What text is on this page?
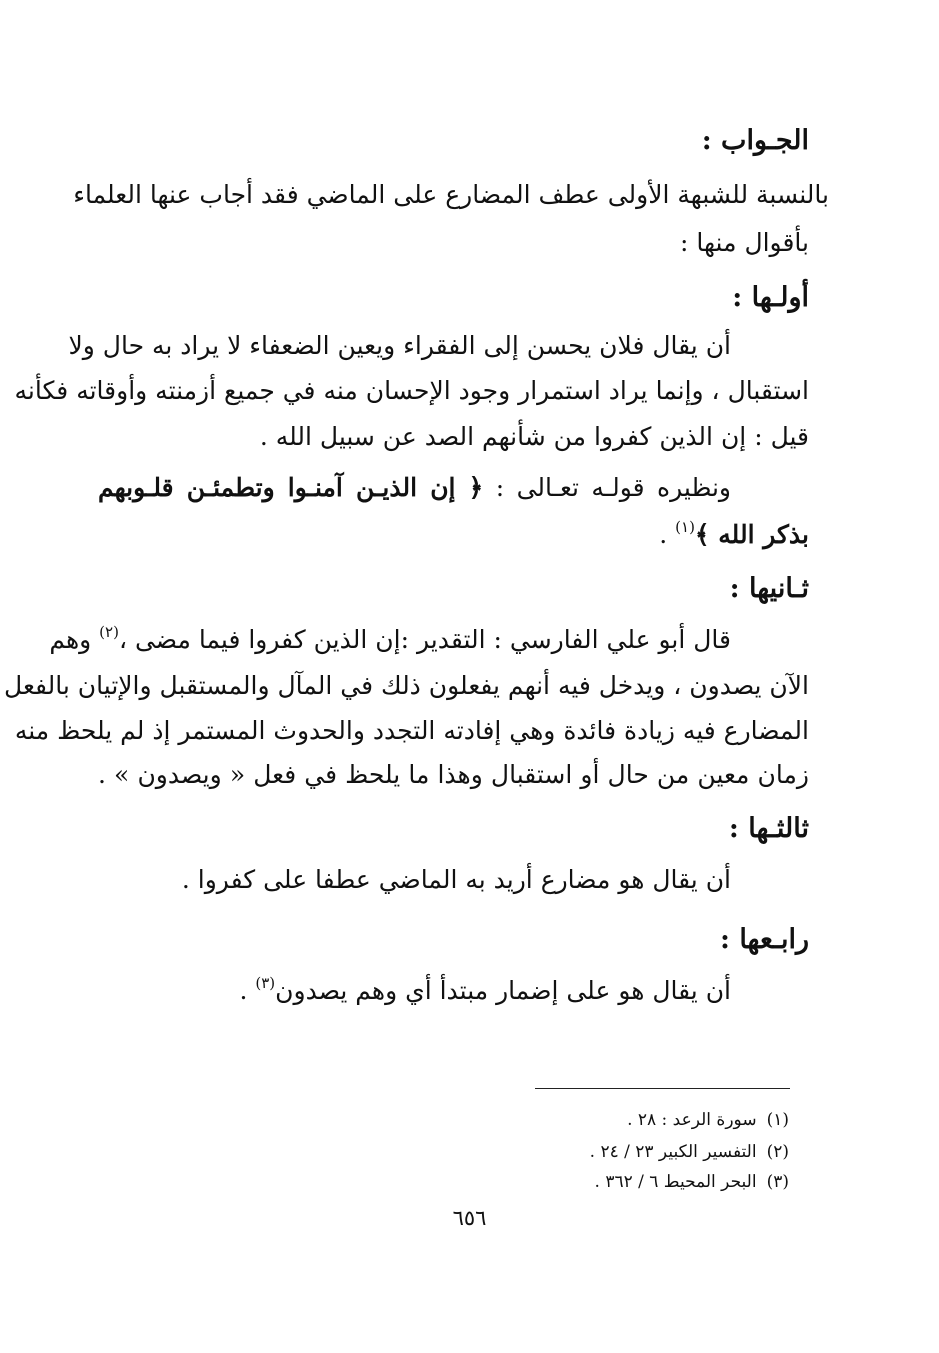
الجـواب :
بالنسبة للشبهة الأولى عطف المضارع على الماضي فقد أجاب عنها العلماء
بأقوال منها :
أولـها :
أن يقال فلان يحسن إلى الفقراء ويعين الضعفاء لا يراد به حال ولا
استقبال ، وإنما يراد استمرار وجود الإحسان منه في جميع أزمنته وأوقاته فكأنه
قيل : إن الذين كفروا من شأنهم الصد عن سبيل الله .
ونظيره قولـه تعـالى : ﴿ إن الذيـن آمنـوا وتطمئـن قلـوبهم
بذكر الله ﴾$^{(١)}$ .
ثـانيها :
قال أبو علي الفارسي : التقدير :إن الذين كفروا فيما مضى ،$^{(٢)}$ وهم
الآن يصدون ، ويدخل فيه أنهم يفعلون ذلك في المآل والمستقبل والإتيان بالفعل
المضارع فيه زيادة فائدة وهي إفادته التجدد والحدوث المستمر إذ لم يلحظ منه
زمان معين من حال أو استقبال وهذا ما يلحظ في فعل « ويصدون » .
ثالثـها :
أن يقال هو مضارع أريد به الماضي عطفا على كفروا .
رابـعها :
أن يقال هو على إضمار مبتدأ أي وهم يصدون$^{(٣)}$ .
(١)سورة الرعد : ٢٨ .
(٢)التفسير الكبير ٢٣ / ٢٤ .
(٣)البحر المحيط ٦ / ٣٦٢ .
٦٥٦
